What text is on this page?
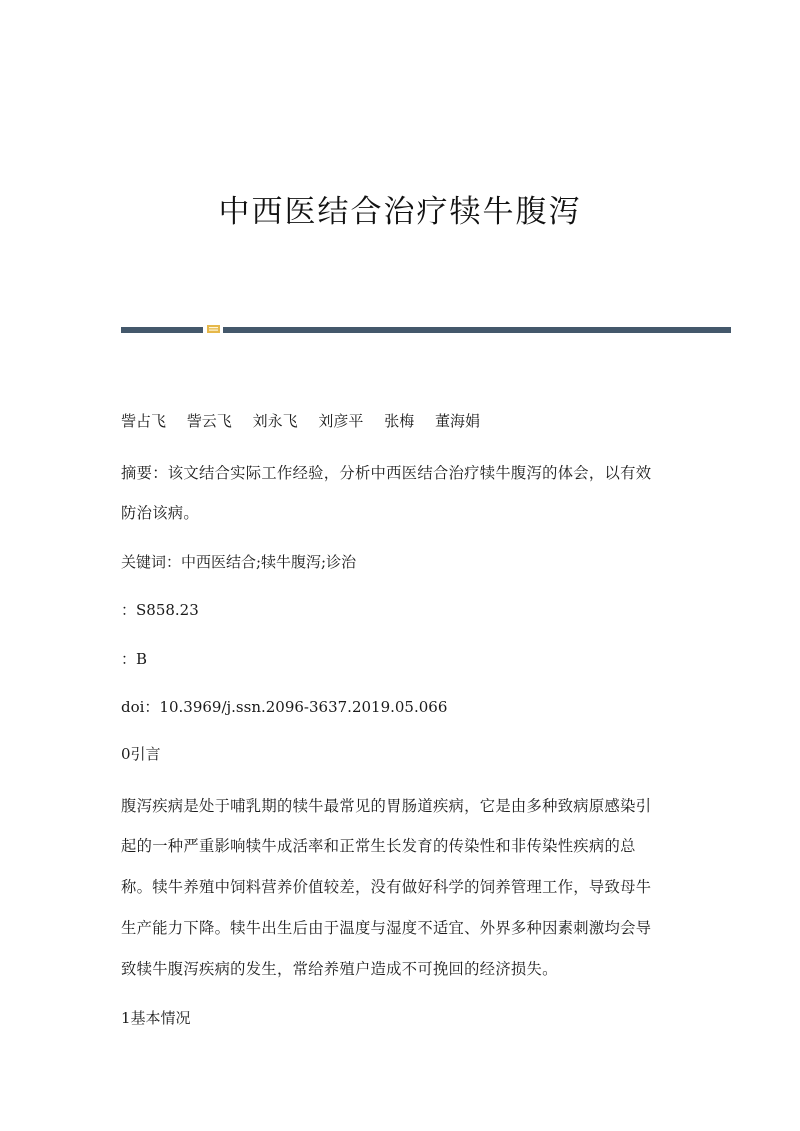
中西医结合治疗犊牛腹泻
訾占飞 訾云飞 刘永飞 刘彦平 张梅 董海娟

摘要：该文结合实际工作经验，分析中西医结合治疗犊牛腹泻的体会，以有效

防治该病。

关键词：中西医结合;犊牛腹泻;诊治

：S858.23

：B

doi：10.3969/j.ssn.2096-3637.2019.05.066

0引言

腹泻疾病是处于哺乳期的犊牛最常见的胃肠道疾病，它是由多种致病原感染引

起的一种严重影响犊牛成活率和正常生长发育的传染性和非传染性疾病的总

称。犊牛养殖中饲料营养价值较差，没有做好科学的饲养管理工作，导致母牛

生产能力下降。犊牛出生后由于温度与湿度不适宜、外界多种因素刺激均会导

致犊牛腹泻疾病的发生，常给养殖户造成不可挽回的经济损失。

1基本情况
